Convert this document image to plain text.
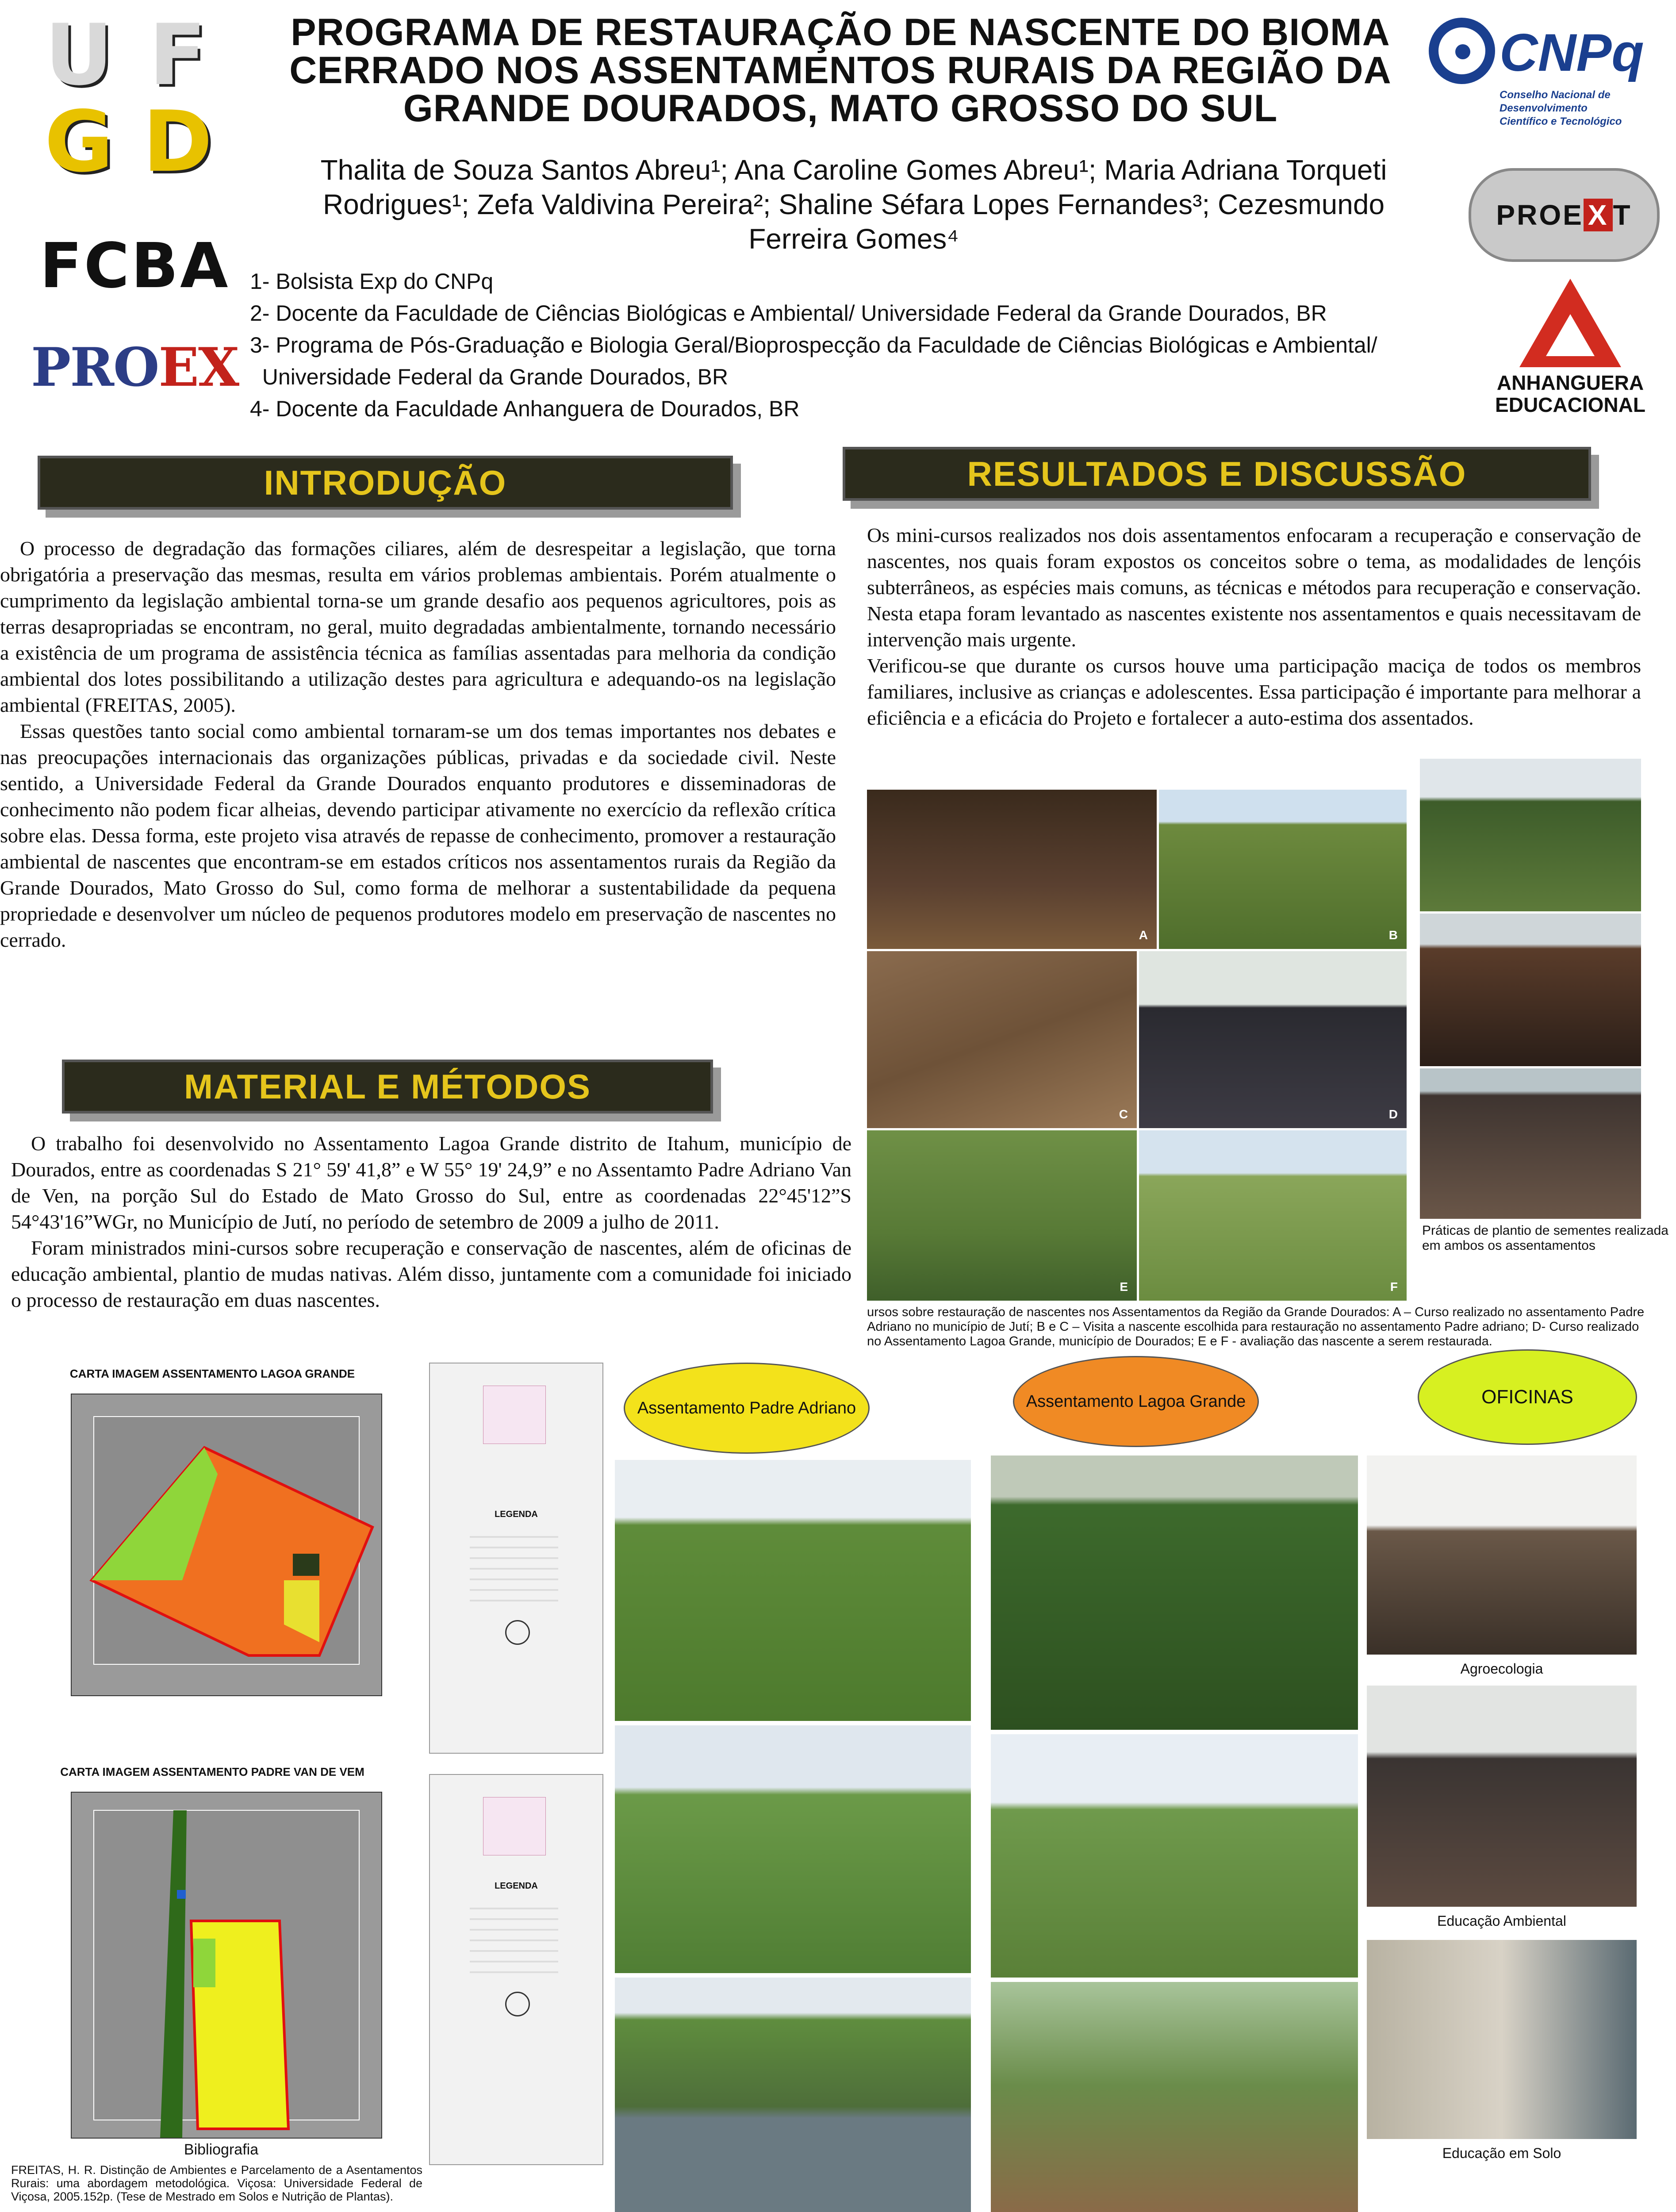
U F
G D
PROGRAMA DE RESTAURAÇÃO DE NASCENTE DO BIOMA
CERRADO NOS ASSENTAMENTOS RURAIS DA REGIÃO DA
GRANDE DOURADOS, MATO GROSSO DO SUL
CNPq
Conselho Nacional de Desenvolvimento
Científico e Tecnológico
Thalita de Souza Santos Abreu¹; Ana Caroline Gomes Abreu¹; Maria Adriana Torqueti
Rodrigues¹; Zefa Valdivina Pereira²; Shaline Séfara Lopes Fernandes³; Cezesmundo
Ferreira Gomes⁴
PRO E X T
FCBA
PROEX
1- Bolsista Exp do CNPq
2- Docente da Faculdade de Ciências Biológicas e Ambiental/ Universidade Federal da Grande Dourados, BR
3- Programa de Pós-Graduação e Biologia Geral/Bioprospecção da Faculdade de Ciências Biológicas e Ambiental/
Universidade Federal da Grande Dourados, BR
4- Docente da Faculdade Anhanguera de Dourados, BR
ANHANGUERA
EDUCACIONAL
INTRODUÇÃO
O processo de degradação das formações ciliares, além de desrespeitar a legislação, que torna obrigatória a preservação das mesmas, resulta em vários problemas ambientais. Porém atualmente o cumprimento da legislação ambiental torna-se um grande desafio aos pequenos agricultores, pois as terras desapropriadas se encontram, no geral, muito degradadas ambientalmente, tornando necessário a existência de um programa de assistência técnica as famílias assentadas para melhoria da condição ambiental dos lotes possibilitando a utilização destes para agricultura e adequando-os na legislação ambiental (FREITAS, 2005).
Essas questões tanto social como ambiental tornaram-se um dos temas importantes nos debates e nas preocupações internacionais das organizações públicas, privadas e da sociedade civil. Neste sentido, a Universidade Federal da Grande Dourados enquanto produtores e disseminadoras de conhecimento não podem ficar alheias, devendo participar ativamente no exercício da reflexão crítica sobre elas. Dessa forma, este projeto visa através de repasse de conhecimento, promover a restauração ambiental de nascentes que encontram-se em estados críticos nos assentamentos rurais da Região da Grande Dourados, Mato Grosso do Sul, como forma de melhorar a sustentabilidade da pequena propriedade e desenvolver um núcleo de pequenos produtores modelo em preservação de nascentes no cerrado.
MATERIAL E MÉTODOS
O trabalho foi desenvolvido no Assentamento Lagoa Grande distrito de Itahum, município de Dourados, entre as coordenadas S 21° 59' 41,8” e W 55° 19' 24,9” e no Assentamto Padre Adriano Van de Ven, na porção Sul do Estado de Mato Grosso do Sul, entre as coordenadas 22°45'12”S 54°43'16”WGr, no Município de Jutí, no período de setembro de 2009 a julho de 2011.
Foram ministrados mini-cursos sobre recuperação e conservação de nascentes, além de oficinas de educação ambiental, plantio de mudas nativas. Além disso, juntamente com a comunidade foi iniciado o processo de restauração em duas nascentes.
RESULTADOS E DISCUSSÃO
Os mini-cursos realizados nos dois assentamentos enfocaram a recuperação e conservação de nascentes, nos quais foram expostos os conceitos sobre o tema, as modalidades de lençóis subterrâneos, as espécies mais comuns, as técnicas e métodos para recuperação e conservação. Nesta etapa foram levantado as nascentes existente nos assentamentos e quais necessitavam de intervenção mais urgente.
Verificou-se que durante os cursos houve uma participação maciça de todos os membros familiares, inclusive as crianças e adolescentes. Essa participação é importante para melhorar a eficiência e a eficácia do Projeto e fortalecer a auto-estima dos assentados.
A	B
C	D
E	F
Práticas de plantio de sementes realizada em ambos os assentamentos
ursos sobre restauração de nascentes nos Assentamentos da Região da Grande Dourados: A – Curso realizado no assentamento Padre Adriano no município de Jutí; B e C – Visita a nascente escolhida para restauração no assentamento Padre adriano; D- Curso realizado no Assentamento Lagoa Grande, município de Dourados; E e F - avaliação das nascente a serem restaurada.
Assentamento Padre Adriano	Assentamento Lagoa Grande	OFICINAS
CARTA IMAGEM ASSENTAMENTO LAGOA GRANDE
LEGENDA
CARTA IMAGEM ASSENTAMENTO PADRE VAN DE VEM
LEGENDA
Bibliografia
FREITAS, H. R. Distinção de Ambientes e Parcelamento de a Asentamentos Rurais: uma abordagem metodológica. Viçosa: Universidade Federal de Viçosa, 2005.152p. (Tese de Mestrado em Solos e Nutrição de Plantas).
Agroecologia
Educação Ambiental
Educação em Solo
